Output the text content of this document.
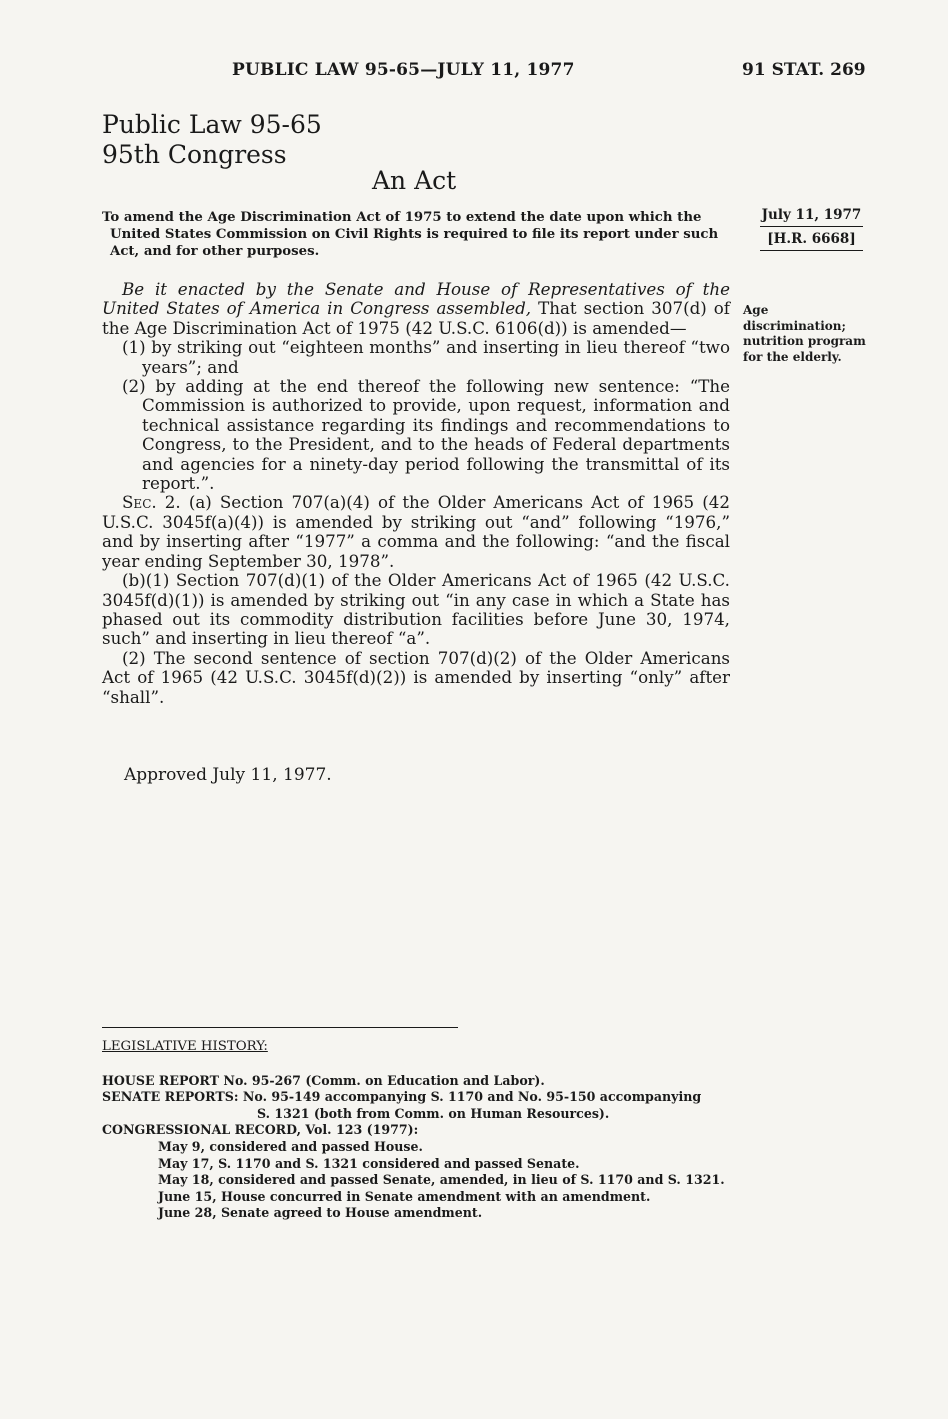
PUBLIC LAW 95-65—JULY 11, 1977	91 STAT. 269
Public Law 95-65
95th Congress
An Act
To amend the Age Discrimination Act of 1975 to extend the date upon which the United States Commission on Civil Rights is required to file its report under such Act, and for other purposes.
July 11, 1977
[H.R. 6668]
Age
discrimination;
nutrition program
for the elderly.

Be it enacted by the Senate and House of Representatives of the United States of America in Congress assembled, That section 307(d) of the Age Discrimination Act of 1975 (42 U.S.C. 6106(d)) is amended—

(1) by striking out “eighteen months” and inserting in lieu thereof “two years”; and

(2) by adding at the end thereof the following new sentence: “The Commission is authorized to provide, upon request, information and technical assistance regarding its findings and recommendations to Congress, to the President, and to the heads of Federal departments and agencies for a ninety-day period following the transmittal of its report.”.

Sec. 2. (a) Section 707(a)(4) of the Older Americans Act of 1965 (42 U.S.C. 3045f(a)(4)) is amended by striking out “and” following “1976,” and by inserting after “1977” a comma and the following: “and the fiscal year ending September 30, 1978”.

(b)(1) Section 707(d)(1) of the Older Americans Act of 1965 (42 U.S.C. 3045f(d)(1)) is amended by striking out “in any case in which a State has phased out its commodity distribution facilities before June 30, 1974, such” and inserting in lieu thereof “a”.

(2) The second sentence of section 707(d)(2) of the Older Americans Act of 1965 (42 U.S.C. 3045f(d)(2)) is amended by inserting “only” after “shall”.

Approved July 11, 1977.
LEGISLATIVE HISTORY:
HOUSE REPORT No. 95-267 (Comm. on Education and Labor).
SENATE REPORTS: No. 95-149 accompanying S. 1170 and No. 95-150 accompanying
S. 1321 (both from Comm. on Human Resources).
CONGRESSIONAL RECORD, Vol. 123 (1977):
May 9, considered and passed House.
May 17, S. 1170 and S. 1321 considered and passed Senate.
May 18, considered and passed Senate, amended, in lieu of S. 1170 and S. 1321.
June 15, House concurred in Senate amendment with an amendment.
June 28, Senate agreed to House amendment.
